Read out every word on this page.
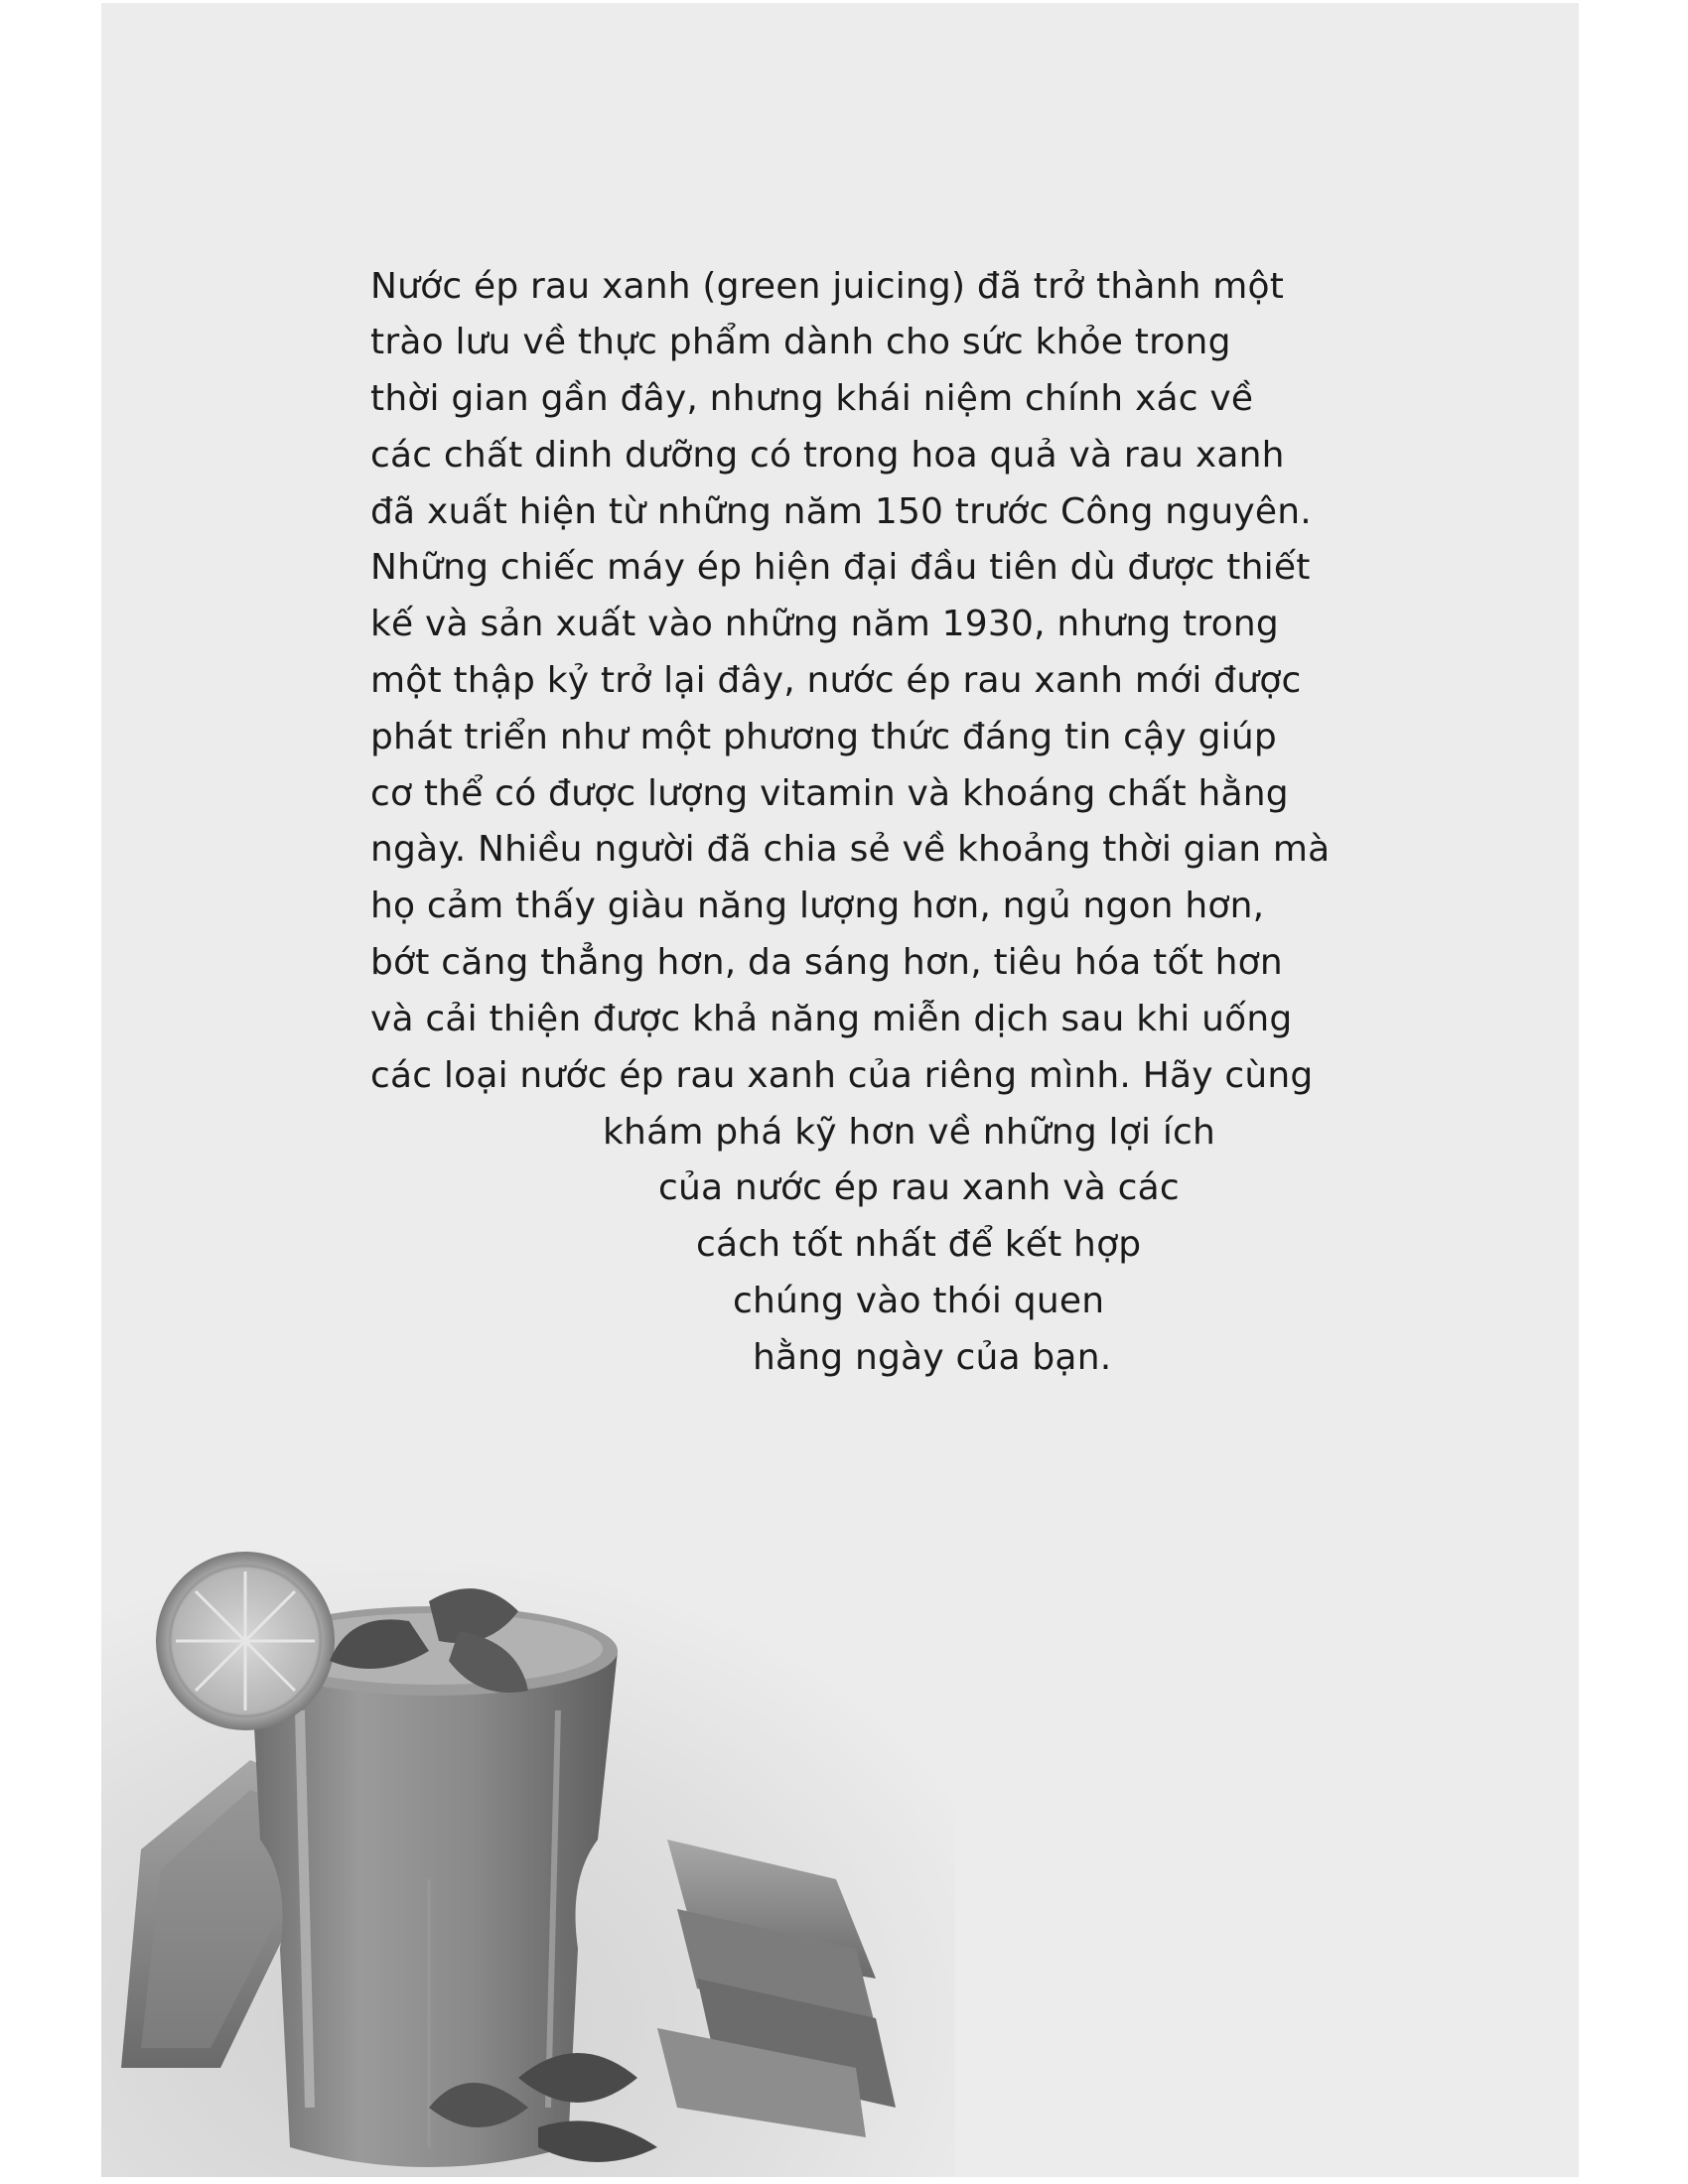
Nước ép rau xanh (green juicing) đã trở thành một
trào lưu về thực phẩm dành cho sức khỏe trong
thời gian gần đây, nhưng khái niệm chính xác về
các chất dinh dưỡng có trong hoa quả và rau xanh
đã xuất hiện từ những năm 150 trước Công nguyên.
Những chiếc máy ép hiện đại đầu tiên dù được thiết
kế và sản xuất vào những năm 1930, nhưng trong
một thập kỷ trở lại đây, nước ép rau xanh mới được
phát triển như một phương thức đáng tin cậy giúp
cơ thể có được lượng vitamin và khoáng chất hằng
ngày. Nhiều người đã chia sẻ về khoảng thời gian mà
họ cảm thấy giàu năng lượng hơn, ngủ ngon hơn,
bớt căng thẳng hơn, da sáng hơn, tiêu hóa tốt hơn
và cải thiện được khả năng miễn dịch sau khi uống
các loại nước ép rau xanh của riêng mình. Hãy cùng
khám phá kỹ hơn về những lợi ích
của nước ép rau xanh và các
cách tốt nhất để kết hợp
chúng vào thói quen
hằng ngày của bạn.
